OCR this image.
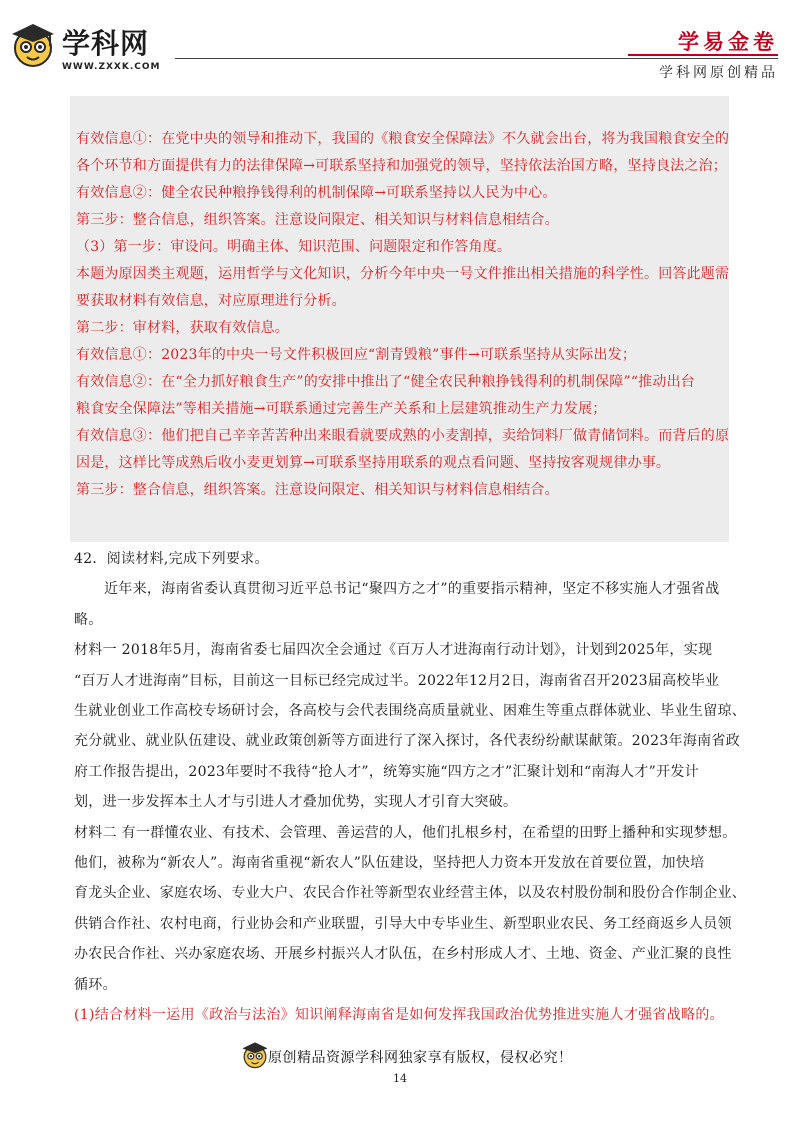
学科网
WWW.ZXXK.COM
学易金卷
学科网原创精品

有效信息①：在党中央的领导和推动下，我国的《粮食安全保障法》不久就会出台，将为我国粮食安全的

各个环节和方面提供有力的法律保障→可联系坚持和加强党的领导，坚持依法治国方略，坚持良法之治；

有效信息②：健全农民种粮挣钱得利的机制保障→可联系坚持以人民为中心。

第三步：整合信息，组织答案。注意设问限定、相关知识与材料信息相结合。

（3）第一步：审设问。明确主体、知识范围、问题限定和作答角度。

本题为原因类主观题，运用哲学与文化知识，分析今年中央一号文件推出相关措施的科学性。回答此题需

要获取材料有效信息，对应原理进行分析。

第二步：审材料，获取有效信息。

有效信息①：2023年的中央一号文件积极回应“割青毁粮”事件→可联系坚持从实际出发；

有效信息②：在“全力抓好粮食生产”的安排中推出了“健全农民种粮挣钱得利的机制保障”“推动出台

粮食安全保障法”等相关措施→可联系通过完善生产关系和上层建筑推动生产力发展；

有效信息③：他们把自己辛辛苦苦种出来眼看就要成熟的小麦割掉，卖给饲料厂做青储饲料。而背后的原

因是，这样比等成熟后收小麦更划算→可联系坚持用联系的观点看问题、坚持按客观规律办事。

第三步：整合信息，组织答案。注意设问限定、相关知识与材料信息相结合。

42．阅读材料,完成下列要求。

近年来，海南省委认真贯彻习近平总书记“聚四方之才”的重要指示精神，坚定不移实施人才强省战

略。

材料一 2018年5月，海南省委七届四次全会通过《百万人才进海南行动计划》，计划到2025年，实现

“百万人才进海南”目标，目前这一目标已经完成过半。2022年12月2日，海南省召开2023届高校毕业

生就业创业工作高校专场研讨会，各高校与会代表围绕高质量就业、困难生等重点群体就业、毕业生留琼、

充分就业、就业队伍建设、就业政策创新等方面进行了深入探讨，各代表纷纷献谋献策。2023年海南省政

府工作报告提出，2023年要时不我待“抢人才”，统筹实施“四方之才”汇聚计划和“南海人才”开发计

划，进一步发挥本土人才与引进人才叠加优势，实现人才引育大突破。

材料二 有一群懂农业、有技术、会管理、善运营的人，他们扎根乡村，在希望的田野上播种和实现梦想。

他们，被称为“新农人”。海南省重视“新农人”队伍建设，坚持把人力资本开发放在首要位置，加快培

育龙头企业、家庭农场、专业大户、农民合作社等新型农业经营主体，以及农村股份制和股份合作制企业、

供销合作社、农村电商，行业协会和产业联盟，引导大中专毕业生、新型职业农民、务工经商返乡人员领

办农民合作社、兴办家庭农场、开展乡村振兴人才队伍，在乡村形成人才、土地、资金、产业汇聚的良性

循环。

(1)结合材料一运用《政治与法治》知识阐释海南省是如何发挥我国政治优势推进实施人才强省战略的。

原创精品资源学科网独家享有版权，侵权必究！
14
